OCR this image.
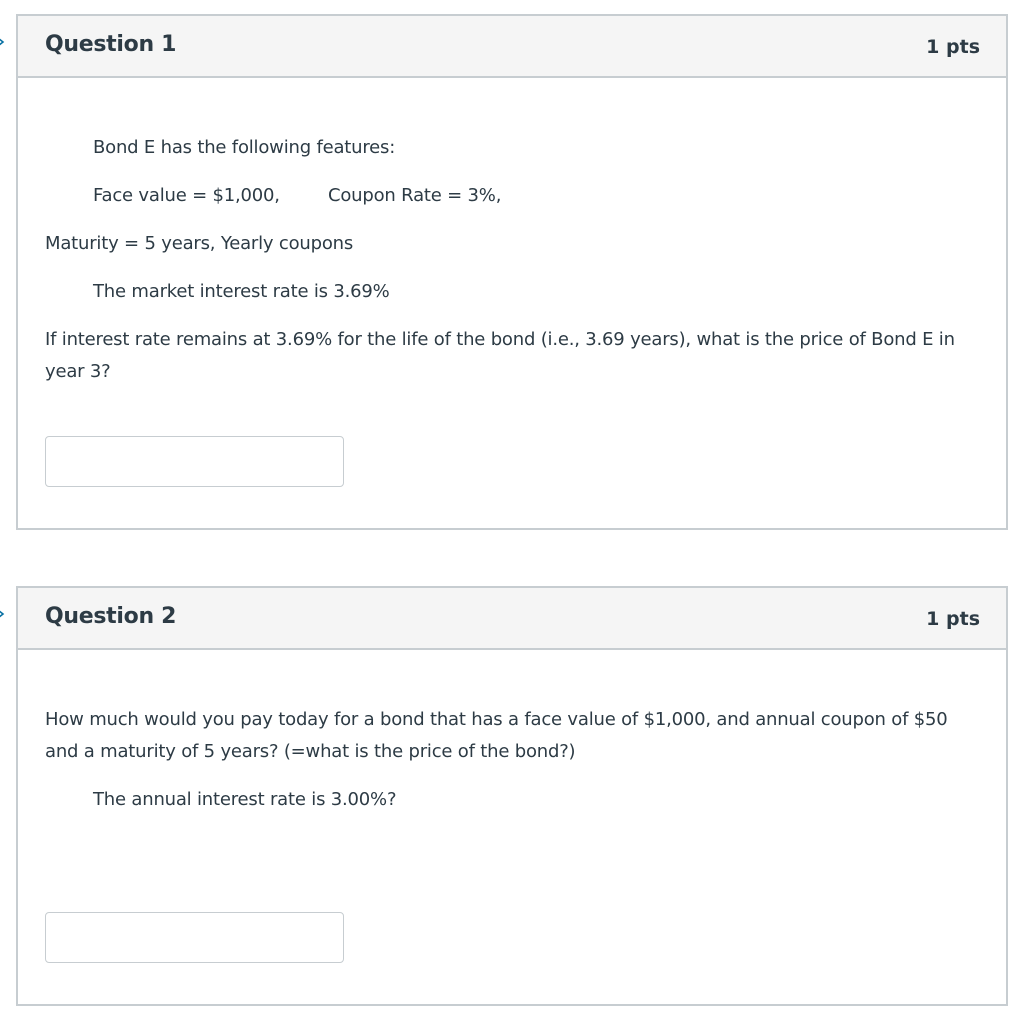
Question 1	1 pts
Bond E has the following features:
Face value = $1,000,	Coupon Rate = 3%,
Maturity = 5 years, Yearly coupons
The market interest rate is 3.69%
If interest rate remains at 3.69% for the life of the bond (i.e., 3.69 years), what is the price of Bond E in year 3?
Question 2	1 pts
How much would you pay today for a bond that has a face value of $1,000, and annual coupon of $50 and a maturity of 5 years? (=what is the price of the bond?)
The annual interest rate is 3.00%?
